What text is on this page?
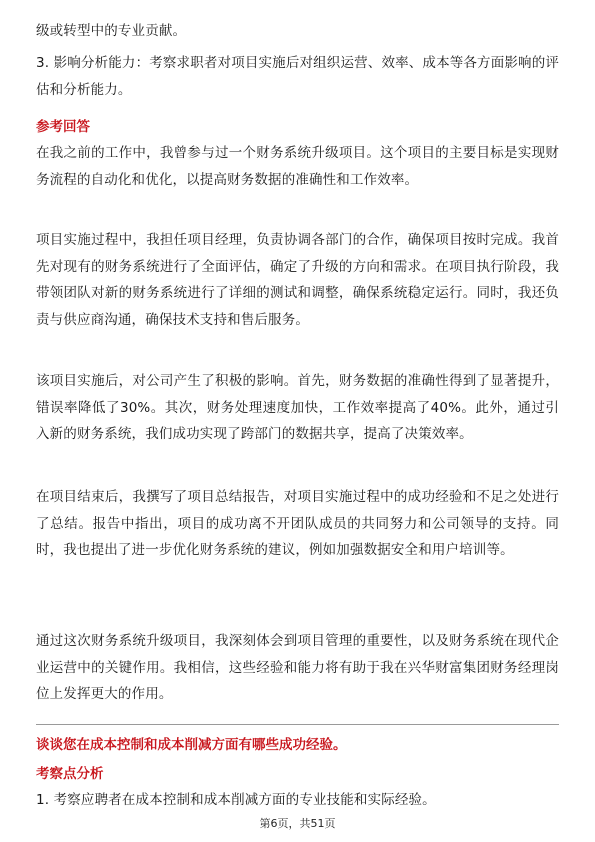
级或转型中的专业贡献。

3. 影响分析能力：考察求职者对项目实施后对组织运营、效率、成本等各方面影响的评估和分析能力。

参考回答

在我之前的工作中，我曾参与过一个财务系统升级项目。这个项目的主要目标是实现财务流程的自动化和优化，以提高财务数据的准确性和工作效率。

项目实施过程中，我担任项目经理，负责协调各部门的合作，确保项目按时完成。我首先对现有的财务系统进行了全面评估，确定了升级的方向和需求。在项目执行阶段，我带领团队对新的财务系统进行了详细的测试和调整，确保系统稳定运行。同时，我还负责与供应商沟通，确保技术支持和售后服务。

该项目实施后，对公司产生了积极的影响。首先，财务数据的准确性得到了显著提升，错误率降低了30%。其次，财务处理速度加快，工作效率提高了40%。此外，通过引入新的财务系统，我们成功实现了跨部门的数据共享，提高了决策效率。

在项目结束后，我撰写了项目总结报告，对项目实施过程中的成功经验和不足之处进行了总结。报告中指出，项目的成功离不开团队成员的共同努力和公司领导的支持。同时，我也提出了进一步优化财务系统的建议，例如加强数据安全和用户培训等。

通过这次财务系统升级项目，我深刻体会到项目管理的重要性，以及财务系统在现代企业运营中的关键作用。我相信，这些经验和能力将有助于我在兴华财富集团财务经理岗位上发挥更大的作用。

谈谈您在成本控制和成本削减方面有哪些成功经验。

考察点分析

1. 考察应聘者在成本控制和成本削减方面的专业技能和实际经验。

第6页，共51页
